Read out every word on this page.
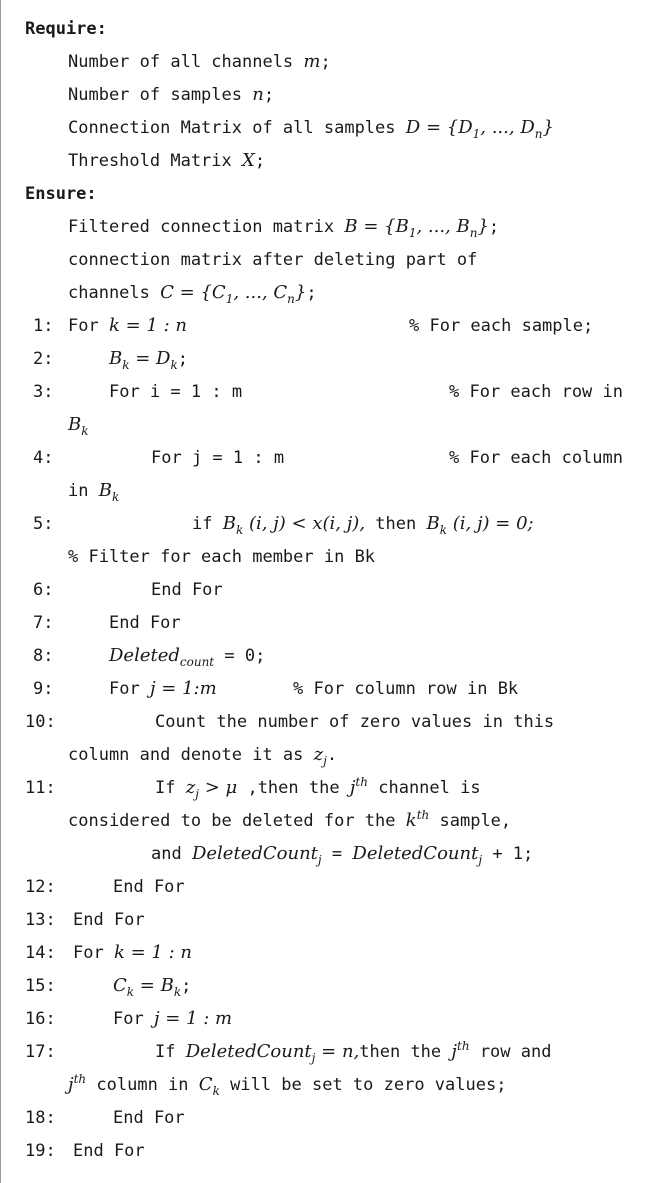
Require:
Number of all channels m;
Number of samples n;
Connection Matrix of all samples $D = \{D_1$, ..., $D_n$}
Threshold Matrix X;
Ensure:
Filtered connection matrix $B = \{B_1$, ..., $B_n$};
connection matrix after deleting part of
channels $C = \{C_1$, ..., $C_n$};
1: For k = 1 : n	% For each sample;
2:	$B_k = D_k$;
3:	For i = 1 : m	% For each row in
$B_k$
4:	For j = 1 : m	% For each column
in $B_k$
5:	if $B_k$ (i, j) < x(i, j), then $B_k$ (i, j) = 0;
% Filter for each member in Bk
6:	End For
7:	End For
8:	Deleted$_{count}$ = 0;
9:	For j = 1:m	% For column row in Bk
10:	Count the number of zero values in this
column and denote it as $z_j$.
11:	If $z_j > \mu$ ,then the $j^{th}$ channel is
considered to be deleted for the $k^{th}$ sample,
and DeletedCount$_j$ = DeletedCount$_j$ + 1;
12:	End For
13: End For
14: For k = 1 : n
15:	$C_k = B_k$;
16:	For j = 1 : m
17:	If DeletedCount$_j$ = n,then the $j^{th}$ row and
$j^{th}$ column in $C_k$ will be set to zero values;
18:	End For
19: End For
